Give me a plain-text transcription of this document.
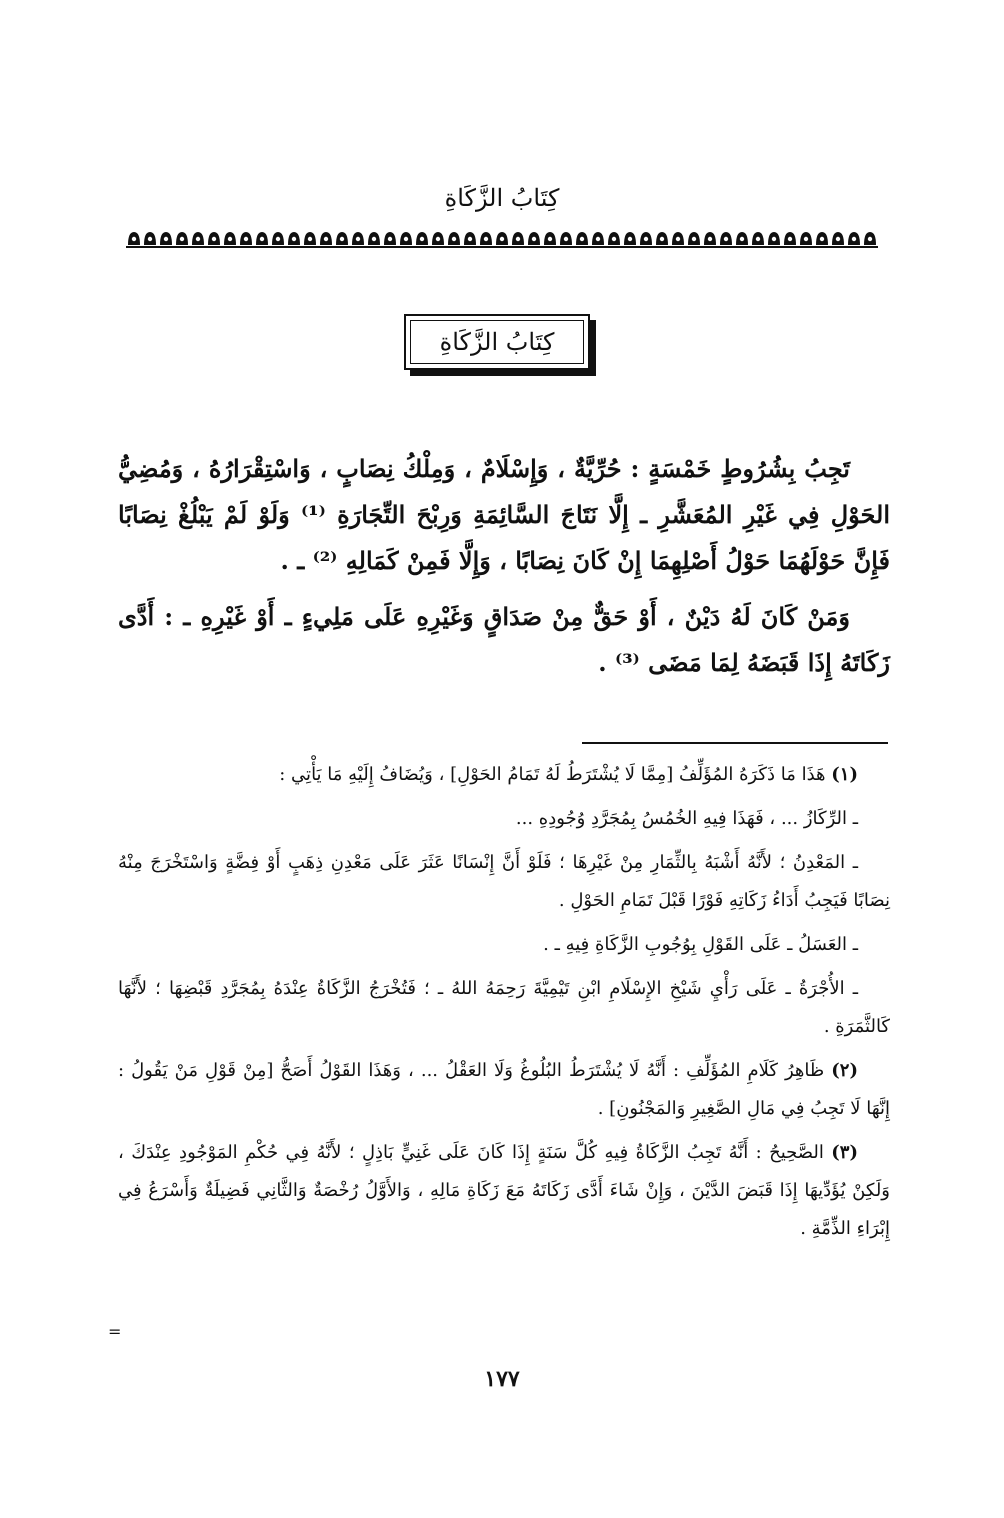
كِتَابُ الزَّكَاةِ
كِتَابُ الزَّكَاةِ

تَجِبُ بِشُرُوطٍ خَمْسَةٍ : حُرِّيَّةٌ ، وَإِسْلَامٌ ، وَمِلْكُ نِصَابٍ ، وَاسْتِقْرَارُهُ ، وَمُضِيُّ الحَوْلِ فِي غَيْرِ المُعَشَّرِ ـ إِلَّا نَتَاجَ السَّائِمَةِ وَرِبْحَ التِّجَارَةِ ⁽¹⁾ وَلَوْ لَمْ يَبْلُغْ نِصَابًا فَإِنَّ حَوْلَهُمَا حَوْلُ أَصْلِهِمَا إِنْ كَانَ نِصَابًا ، وَإِلَّا فَمِنْ كَمَالِهِ ⁽²⁾ ـ .

وَمَنْ كَانَ لَهُ دَيْنٌ ، أَوْ حَقٌّ مِنْ صَدَاقٍ وَغَيْرِهِ عَلَى مَلِيءٍ ـ أَوْ غَيْرِهِ ـ : أَدَّى زَكَاتَهُ إِذَا قَبَضَهُ لِمَا مَضَى ⁽³⁾ .

(١) هَذَا مَا ذَكَرَهُ المُؤَلِّفُ [مِمَّا لَا يُشْتَرَطُ لَهُ تَمَامُ الحَوْلِ] ، وَيُضَافُ إِلَيْهِ مَا يَأْتِي :

ـ الرِّكَازُ ... ، فَهَذَا فِيهِ الخُمُسُ بِمُجَرَّدِ وُجُودِهِ ...

ـ المَعْدِنُ ؛ لأَنَّهُ أَشْبَهُ بِالثِّمَارِ مِنْ غَيْرِهَا ؛ فَلَوْ أَنَّ إِنْسَانًا عَثَرَ عَلَى مَعْدِنِ ذِهَبٍ أَوْ فِضَّةٍ وَاسْتَخْرَجَ مِنْهُ نِصَابًا فَيَجِبُ أَدَاءُ زَكَاتِهِ فَوْرًا قَبْلَ تَمَامِ الحَوْلِ .

ـ العَسَلُ ـ عَلَى القَوْلِ بِوُجُوبِ الزَّكَاةِ فِيهِ ـ .

ـ الأُجْرَةُ ـ عَلَى رَأْيِ شَيْخِ الإِسْلَامِ ابْنِ تَيْمِيَّةَ رَحِمَهُ اللهُ ـ ؛ فَتُخْرَجُ الزَّكَاةُ عِنْدَهُ بِمُجَرَّدِ قَبْضِهَا ؛ لأَنَّهَا كَالثَّمَرَةِ .

(٢) ظَاهِرُ كَلَامِ المُؤَلِّفِ : أَنَّهُ لَا يُشْتَرَطُ البُلُوغُ وَلَا العَقْلُ ... ، وَهَذَا القَوْلُ أَصَحُّ [مِنْ قَوْلِ مَنْ يَقُولُ : إِنَّهَا لَا تَجِبُ فِي مَالِ الصَّغِيرِ وَالمَجْنُونِ] .

(٣) الصَّحِيحُ : أَنَّهُ تَجِبُ الزَّكَاةُ فِيهِ كُلَّ سَنَةٍ إِذَا كَانَ عَلَى غَنِيٍّ بَاذِلٍ ؛ لأَنَّهُ فِي حُكْمِ المَوْجُودِ عِنْدَكَ ، وَلَكِنْ يُؤَدِّيهَا إِذَا قَبَضَ الدَّيْنَ ، وَإِنْ شَاءَ أَدَّى زَكَاتَهُ مَعَ زَكَاةِ مَالِهِ ، وَالأَوَّلُ رُخْصَةٌ وَالثَّانِي فَضِيلَةٌ وَأَسْرَعُ فِي إِبْرَاءِ الذِّمَّةِ .

=
١٧٧
